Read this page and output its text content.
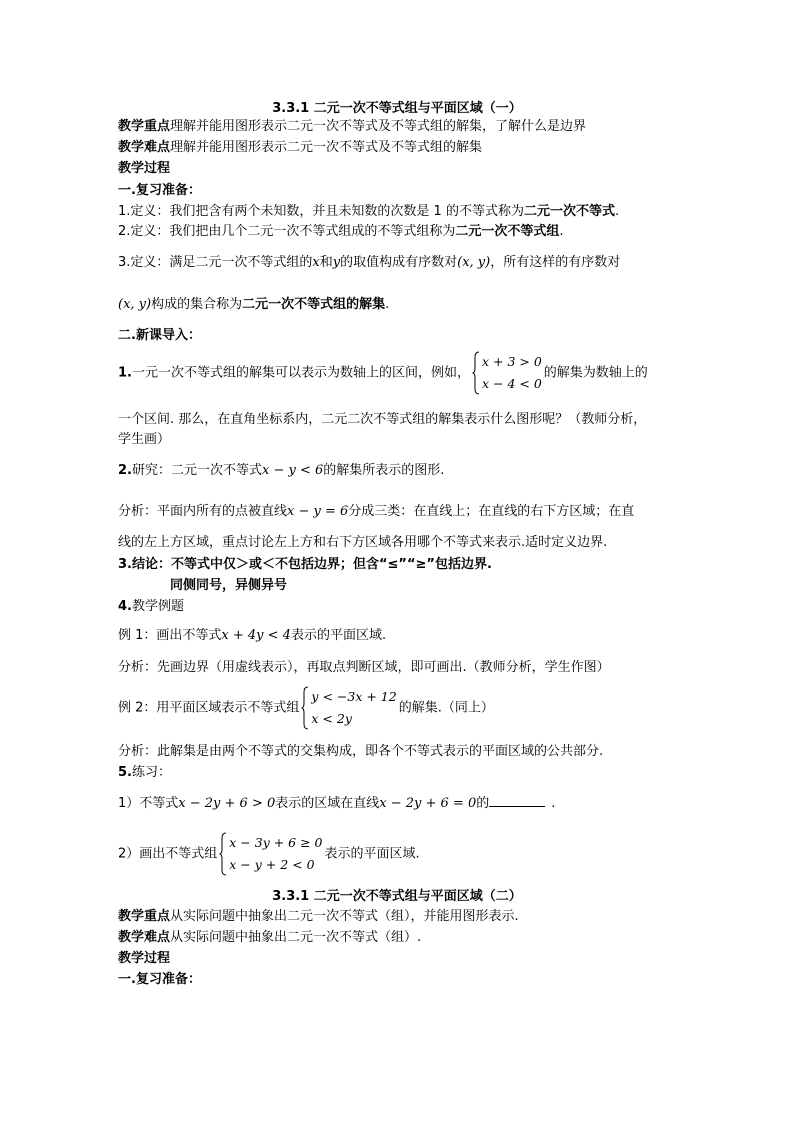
3.3.1 二元一次不等式组与平面区域（一）
教学重点理解并能用图形表示二元一次不等式及不等式组的解集，了解什么是边界
教学难点理解并能用图形表示二元一次不等式及不等式组的解集
教学过程
一.复习准备：
1.定义：我们把含有两个未知数，并且未知数的次数是 1 的不等式称为二元一次不等式.
2.定义：我们把由几个二元一次不等式组成的不等式组称为二元一次不等式组.
3.定义：满足二元一次不等式组的x和y的取值构成有序数对(x, y)，所有这样的有序数对
(x, y)构成的集合称为二元一次不等式组的解集.
二.新课导入：
1.一元一次不等式组的解集可以表示为数轴上的区间，例如，
x + 3 > 0
x − 4 < 0
的解集为数轴上的
一个区间. 那么，在直角坐标系内，二元二次不等式组的解集表示什么图形呢？（教师分析，
学生画）
2.研究：二元一次不等式x − y < 6的解集所表示的图形.
分析：平面内所有的点被直线x − y = 6分成三类：在直线上；在直线的右下方区域；在直
线的左上方区域，重点讨论左上方和右下方区域各用哪个不等式来表示.适时定义边界.
3.结论：不等式中仅＞或＜不包括边界；但含“≤”“≥”包括边界.
同侧同号，异侧异号
4.教学例题
例 1：画出不等式x + 4y < 4表示的平面区域.
分析：先画边界（用虚线表示），再取点判断区域，即可画出.（教师分析，学生作图）
例 2：用平面区域表示不等式组
y < −3x + 12
x < 2y
的解集.（同上）
分析：此解集是由两个不等式的交集构成，即各个不等式表示的平面区域的公共部分.
5.练习：
1）不等式x − 2y + 6 > 0表示的区域在直线x − 2y + 6 = 0的	.
2）画出不等式组
x − 3y + 6 ≥ 0
x − y + 2 < 0
表示的平面区域.
3.3.1 二元一次不等式组与平面区域（二）
教学重点从实际问题中抽象出二元一次不等式（组），并能用图形表示.
教学难点从实际问题中抽象出二元一次不等式（组）.
教学过程
一.复习准备：
